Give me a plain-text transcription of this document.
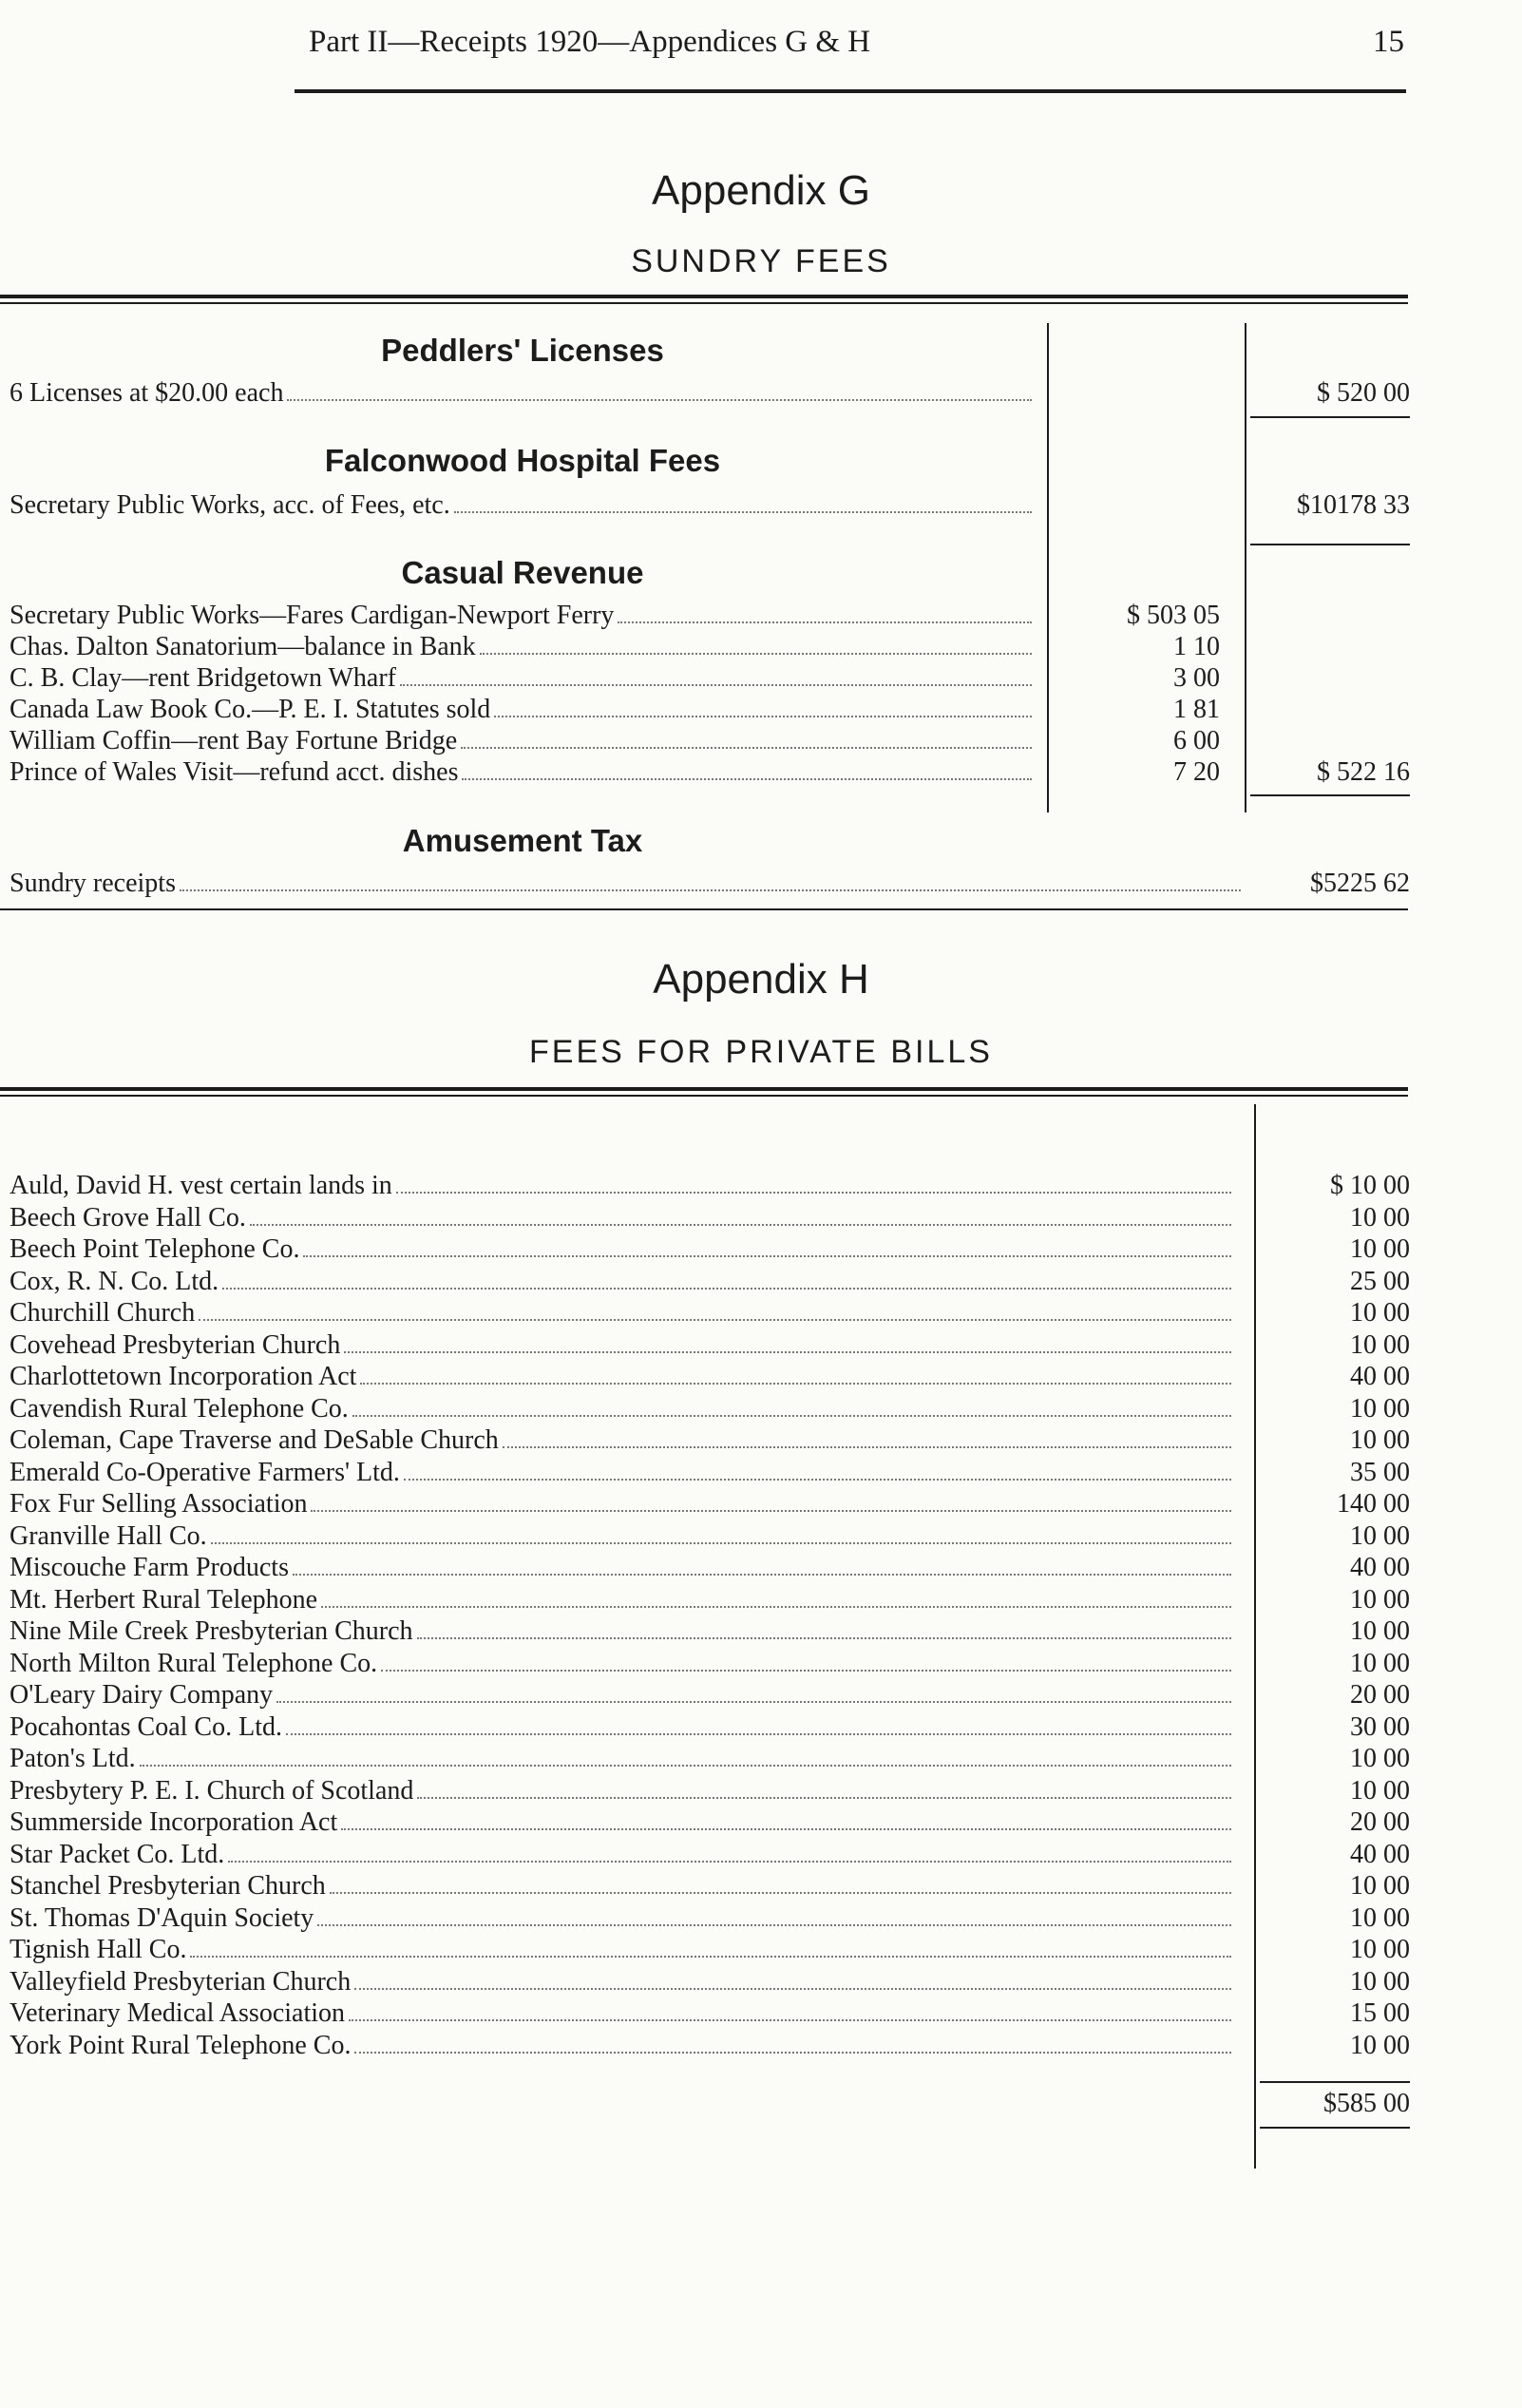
Part II—Receipts 1920—Appendices G & H	15
Appendix G
SUNDRY FEES
Peddlers' Licenses
6 Licenses at $20.00 each	$ 520 00
Falconwood Hospital Fees
Secretary Public Works, acc. of Fees, etc.	$10178 33
Casual Revenue
Secretary Public Works—Fares Cardigan-Newport Ferry	$ 503 05
Chas. Dalton Sanatorium—balance in Bank	1 10
C. B. Clay—rent Bridgetown Wharf	3 00
Canada Law Book Co.—P. E. I. Statutes sold	1 81
William Coffin—rent Bay Fortune Bridge	6 00
Prince of Wales Visit—refund acct. dishes	7 20	$ 522 16
Amusement Tax
Sundry receipts	$5225 62
Appendix H
FEES FOR PRIVATE BILLS
Auld, David H. vest certain lands in	$ 10 00
Beech Grove Hall Co.	10 00
Beech Point Telephone Co.	10 00
Cox, R. N. Co. Ltd.	25 00
Churchill Church	10 00
Covehead Presbyterian Church	10 00
Charlottetown Incorporation Act	40 00
Cavendish Rural Telephone Co.	10 00
Coleman, Cape Traverse and DeSable Church	10 00
Emerald Co-Operative Farmers' Ltd.	35 00
Fox Fur Selling Association	140 00
Granville Hall Co.	10 00
Miscouche Farm Products	40 00
Mt. Herbert Rural Telephone	10 00
Nine Mile Creek Presbyterian Church	10 00
North Milton Rural Telephone Co.	10 00
O'Leary Dairy Company	20 00
Pocahontas Coal Co. Ltd.	30 00
Paton's Ltd.	10 00
Presbytery P. E. I. Church of Scotland	10 00
Summerside Incorporation Act	20 00
Star Packet Co. Ltd.	40 00
Stanchel Presbyterian Church	10 00
St. Thomas D'Aquin Society	10 00
Tignish Hall Co.	10 00
Valleyfield Presbyterian Church	10 00
Veterinary Medical Association	15 00
York Point Rural Telephone Co.	10 00
$585 00
